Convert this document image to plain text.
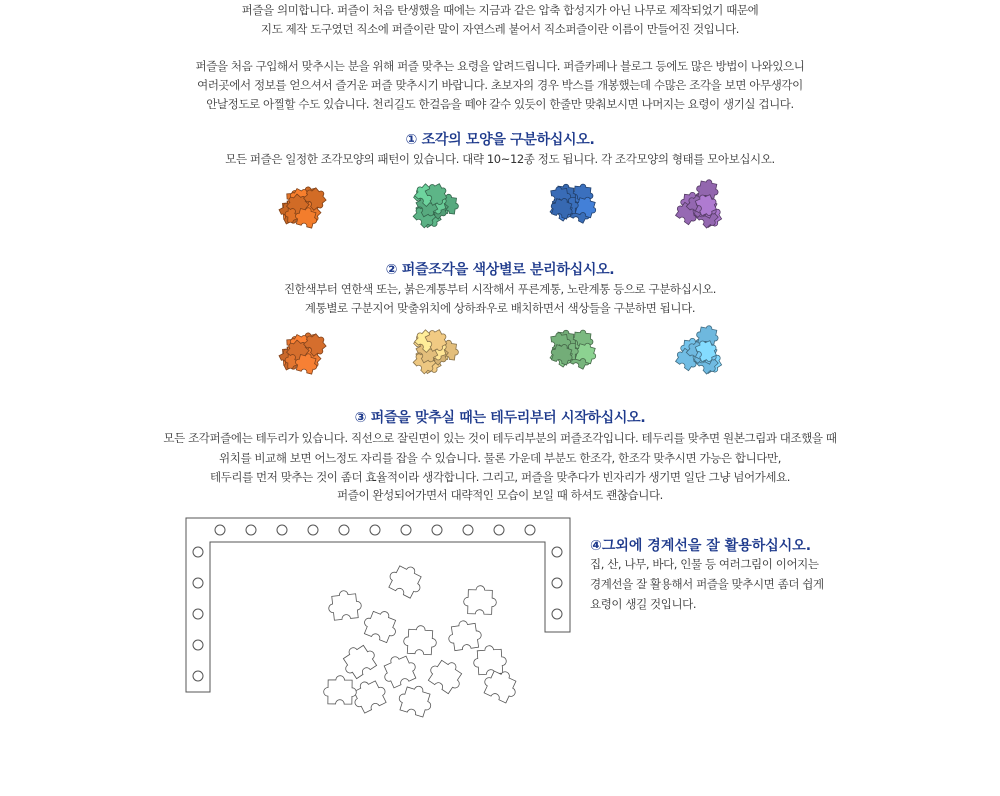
퍼즐을 의미합니다. 퍼즐이 처음 탄생했을 때에는 지금과 같은 압축 합성지가 아닌 나무로 제작되었기 때문에
지도 제작 도구였던 직소에 퍼즐이란 말이 자연스레 붙어서 직소퍼즐이란 이름이 만들어진 것입니다.
퍼즐을 처음 구입해서 맞추시는 분을 위해 퍼즐 맞추는 요령을 알려드립니다. 퍼즐카페나 블로그 등에도 많은 방법이 나와있으니
여러곳에서 정보를 얻으셔서 즐거운 퍼즐 맞추시기 바랍니다. 초보자의 경우 박스를 개봉했는데 수많은 조각을 보면 아무생각이
안날정도로 아찔할 수도 있습니다. 천리길도 한걸음을 떼야 갈수 있듯이 한줄만 맞춰보시면 나머지는 요령이 생기실 겁니다.
① 조각의 모양을 구분하십시오.
모든 퍼즐은 일정한 조각모양의 패턴이 있습니다. 대략 10~12종 정도 됩니다. 각 조각모양의 형태를 모아보십시오.
② 퍼즐조각을 색상별로 분리하십시오.
진한색부터 연한색 또는, 붉은계통부터 시작해서 푸른계통, 노란계통 등으로 구분하십시오.
계통별로 구분지어 맞출위치에 상하좌우로 배치하면서 색상들을 구분하면 됩니다.
③ 퍼즐을 맞추실 때는 테두리부터 시작하십시오.
모든 조각퍼즐에는 테두리가 있습니다. 직선으로 잘린면이 있는 것이 테두리부분의 퍼즐조각입니다. 테두리를 맞추면 원본그림과 대조했을 때
위치를 비교해 보면 어느정도 자리를 잡을 수 있습니다. 물론 가운데 부분도 한조각, 한조각 맞추시면 가능은 합니다만,
테두리를 먼저 맞추는 것이 좀더 효율적이라 생각합니다. 그리고, 퍼즐을 맞추다가 빈자리가 생기면 일단 그냥 넘어가세요.
퍼즐이 완성되어가면서 대략적인 모습이 보일 때 하셔도 괜찮습니다.
④그외에 경계선을 잘 활용하십시오.
집, 산, 나무, 바다, 인물 등 여러그림이 이어지는
경계선을 잘 활용해서 퍼즐을 맞추시면 좀더 쉽게
요령이 생길 것입니다.
